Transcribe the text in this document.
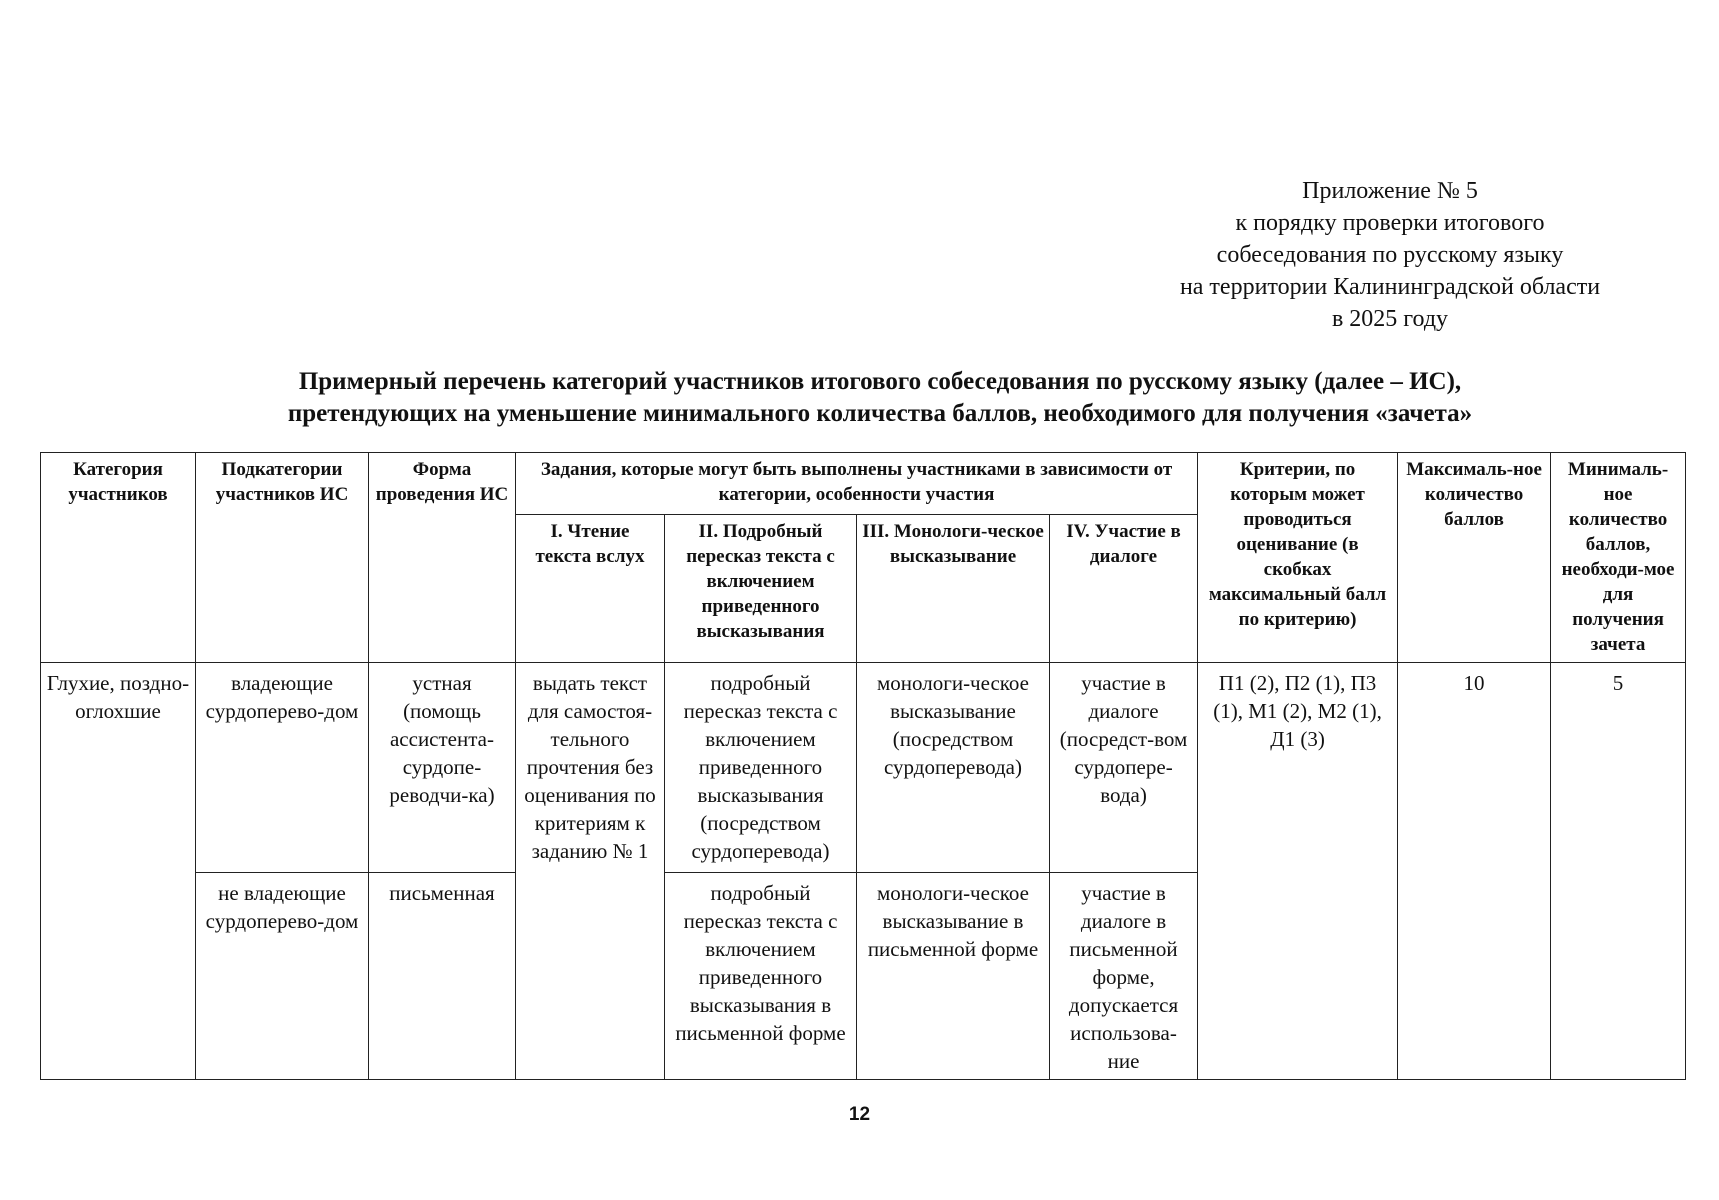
Приложение № 5
к порядку проверки итогового
собеседования по русскому языку
на территории Калининградской области
в 2025 году
Примерный перечень категорий участников итогового собеседования по русскому языку (далее – ИС),
претендующих на уменьшение минимального количества баллов, необходимого для получения «зачета»
Категория участников	Подкатегории участников ИС	Форма проведения ИС	Задания, которые могут быть выполнены участниками в зависимости от категории, особенности участия				Критерии, по которым может проводиться оценивание (в скобках максимальный балл по критерию)	Максималь-ное количество баллов	Минималь-ное количество баллов, необходи-мое для получения зачета
			I. Чтение текста вслух	II. Подробный пересказ текста с включением приведенного высказывания	III. Монологи-ческое высказывание	IV. Участие в диалоге			
Глухие, поздно-оглохшие	владеющие сурдоперево-дом	устная (помощь ассистента-сурдопе-реводчи-ка)	выдать текст для самостоя-тельного прочтения без оценивания по критериям к заданию № 1	подробный пересказ текста с включением приведенного высказывания (посредством сурдоперевода)	монологи-ческое высказывание (посредством сурдоперевода)	участие в диалоге (посредст-вом сурдопере-вода)	П1 (2), П2 (1), П3 (1), М1 (2), М2 (1), Д1 (3)	10	5
	не владеющие сурдоперево-дом	письменная		подробный пересказ текста с включением приведенного высказывания в письменной форме	монологи-ческое высказывание в письменной форме	участие в диалоге в письменной форме, допускается использова-ние			
12
